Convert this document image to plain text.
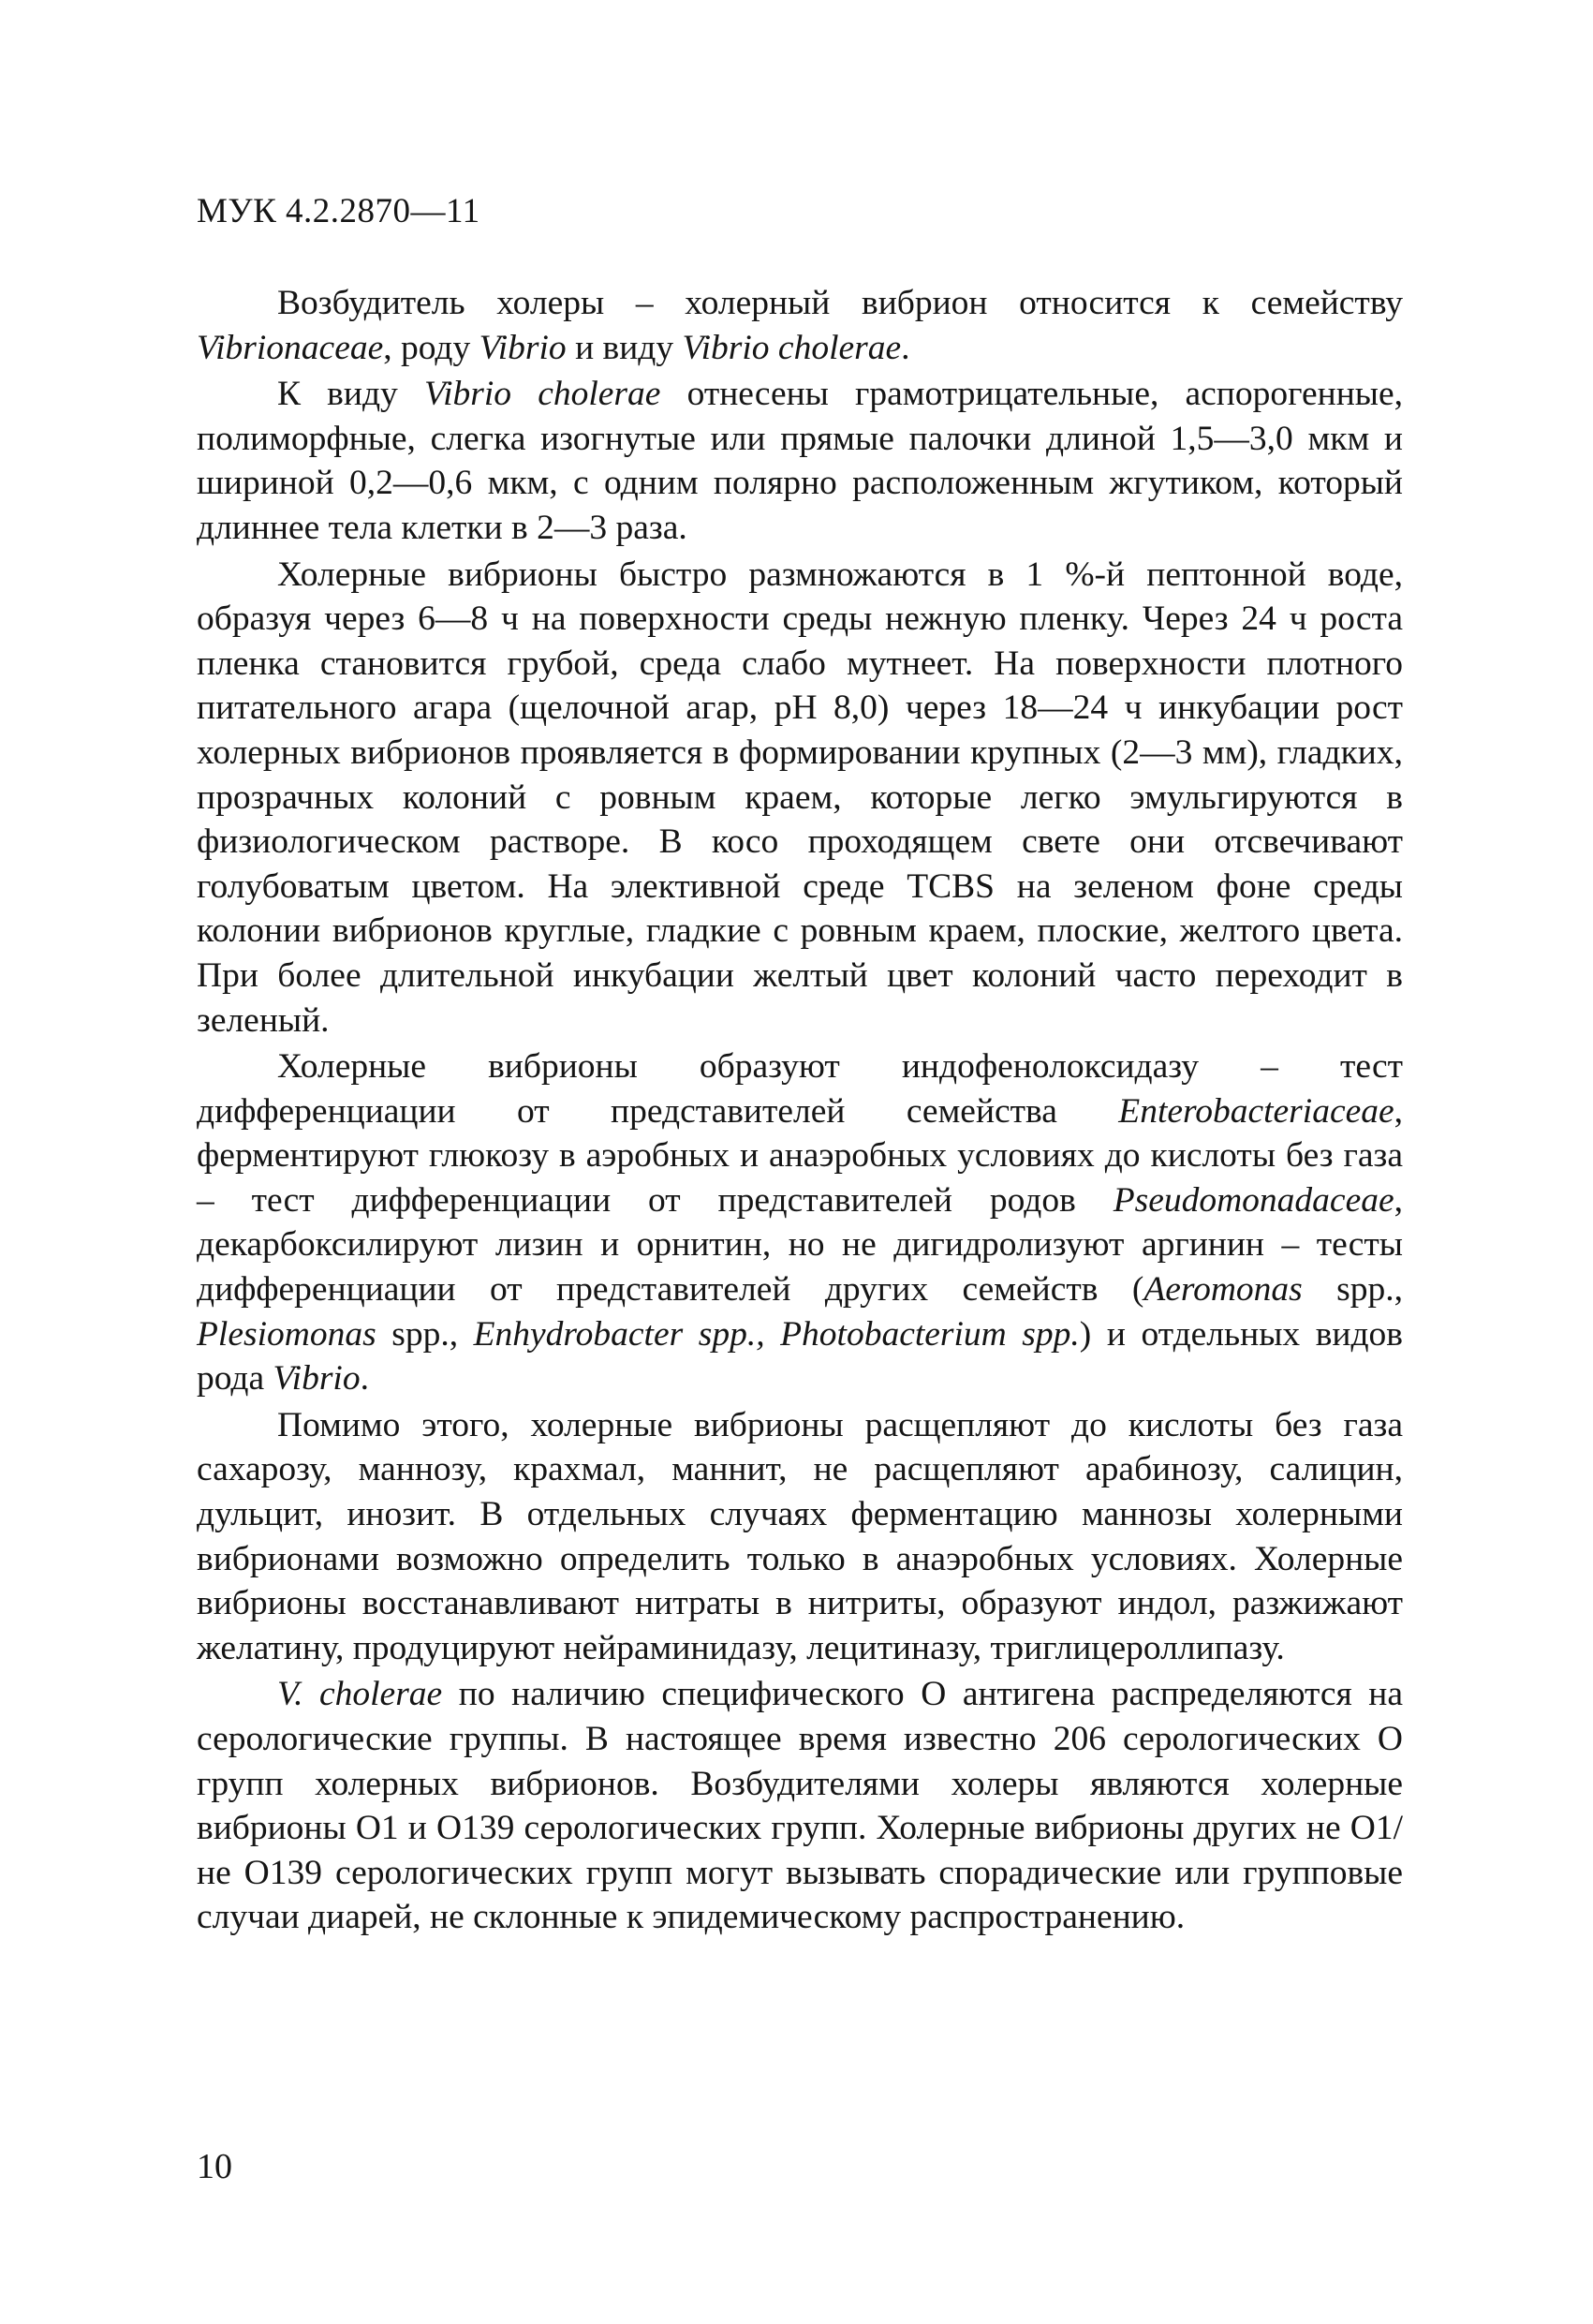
МУК 4.2.2870—11

Возбудитель холеры – холерный вибрион относится к семейству Vibrionaceae, роду Vibrio и виду Vibrio cholerae.

К виду Vibrio cholerae отнесены грамотрицательные, аспорогенные, полиморфные, слегка изогнутые или прямые палочки длиной 1,5—3,0 мкм и шириной 0,2—0,6 мкм, с одним полярно расположенным жгутиком, который длиннее тела клетки в 2—3 раза.

Холерные вибрионы быстро размножаются в 1 %-й пептонной воде, образуя через 6—8 ч на поверхности среды нежную пленку. Через 24 ч роста пленка становится грубой, среда слабо мутнеет. На поверхности плотного питательного агара (щелочной агар, pH 8,0) через 18—24 ч инкубации рост холерных вибрионов проявляется в формировании крупных (2—3 мм), гладких, прозрачных колоний с ровным краем, которые легко эмульгируются в физиологическом растворе. В косо проходящем свете они отсвечивают голубоватым цветом. На элективной среде TCBS на зеленом фоне среды колонии вибрионов круглые, гладкие с ровным краем, плоские, желтого цвета. При более длительной инкубации желтый цвет колоний часто переходит в зеленый.

Холерные вибрионы образуют индофенолоксидазу – тест дифференциации от представителей семейства Enterobacteriaceae, ферментируют глюкозу в аэробных и анаэробных условиях до кислоты без газа – тест дифференциации от представителей родов Pseudomonadaceae, декарбоксилируют лизин и орнитин, но не дигидролизуют аргинин – тесты дифференциации от представителей других семейств (Aeromonas spp., Plesiomonas spp., Enhydrobacter spp., Photobacterium spp.) и отдельных видов рода Vibrio.

Помимо этого, холерные вибрионы расщепляют до кислоты без газа сахарозу, маннозу, крахмал, маннит, не расщепляют арабинозу, салицин, дульцит, инозит. В отдельных случаях ферментацию маннозы холерными вибрионами возможно определить только в анаэробных условиях. Холерные вибрионы восстанавливают нитраты в нитриты, образуют индол, разжижают желатину, продуцируют нейраминидазу, лецитиназу, триглицероллипазу.

V. cholerae по наличию специфического О антигена распределяются на серологические группы. В настоящее время известно 206 серологических О групп холерных вибрионов. Возбудителями холеры являются холерные вибрионы O1 и O139 серологических групп. Холерные вибрионы других не O1/не O139 серологических групп могут вызывать спорадические или групповые случаи диарей, не склонные к эпидемическому распространению.

10
